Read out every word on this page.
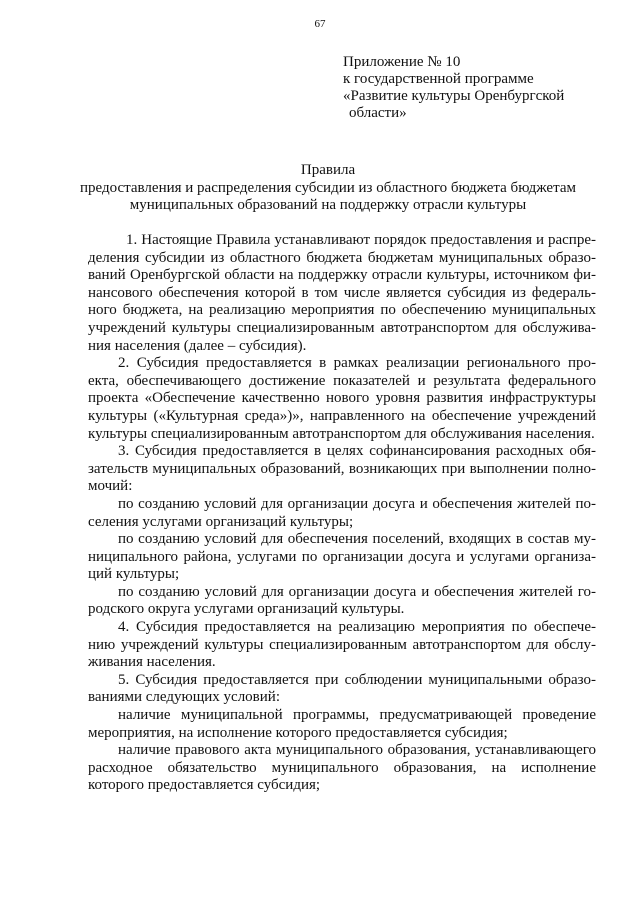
67
Приложение № 10
к государственной программе
«Развитие культуры Оренбургской
области»
Правила
предоставления и распределения субсидии из областного бюджета бюджетам
муниципальных образований на поддержку отрасли культуры

1. Настоящие Правила устанавливают порядок предоставления и распределения субсидии из областного бюджета бюджетам муниципальных образований Оренбургской области на поддержку отрасли культуры, источником финансового обеспечения которой в том числе является субсидия из федерального бюджета, на реализацию мероприятия по обеспечению муниципальных учреждений культуры специализированным автотранспортом для обслуживания населения (далее – субсидия).

2. Субсидия предоставляется в рамках реализации регионального проекта, обеспечивающего достижение показателей и результата федерального проекта «Обеспечение качественно нового уровня развития инфраструктуры культуры («Культурная среда»)», направленного на обеспечение учреждений культуры специализированным автотранспортом для обслуживания населения.

3. Субсидия предоставляется в целях софинансирования расходных обязательств муниципальных образований, возникающих при выполнении полномочий:

по созданию условий для организации досуга и обеспечения жителей поселения услугами организаций культуры;

по созданию условий для обеспечения поселений, входящих в состав муниципального района, услугами по организации досуга и услугами организаций культуры;

по созданию условий для организации досуга и обеспечения жителей городского округа услугами организаций культуры.

4. Субсидия предоставляется на реализацию мероприятия по обеспечению учреждений культуры специализированным автотранспортом для обслуживания населения.

5. Субсидия предоставляется при соблюдении муниципальными образованиями следующих условий:

наличие муниципальной программы, предусматривающей проведение мероприятия, на исполнение которого предоставляется субсидия;

наличие правового акта муниципального образования, устанавливающего расходное обязательство муниципального образования, на исполнение которого предоставляется субсидия;
